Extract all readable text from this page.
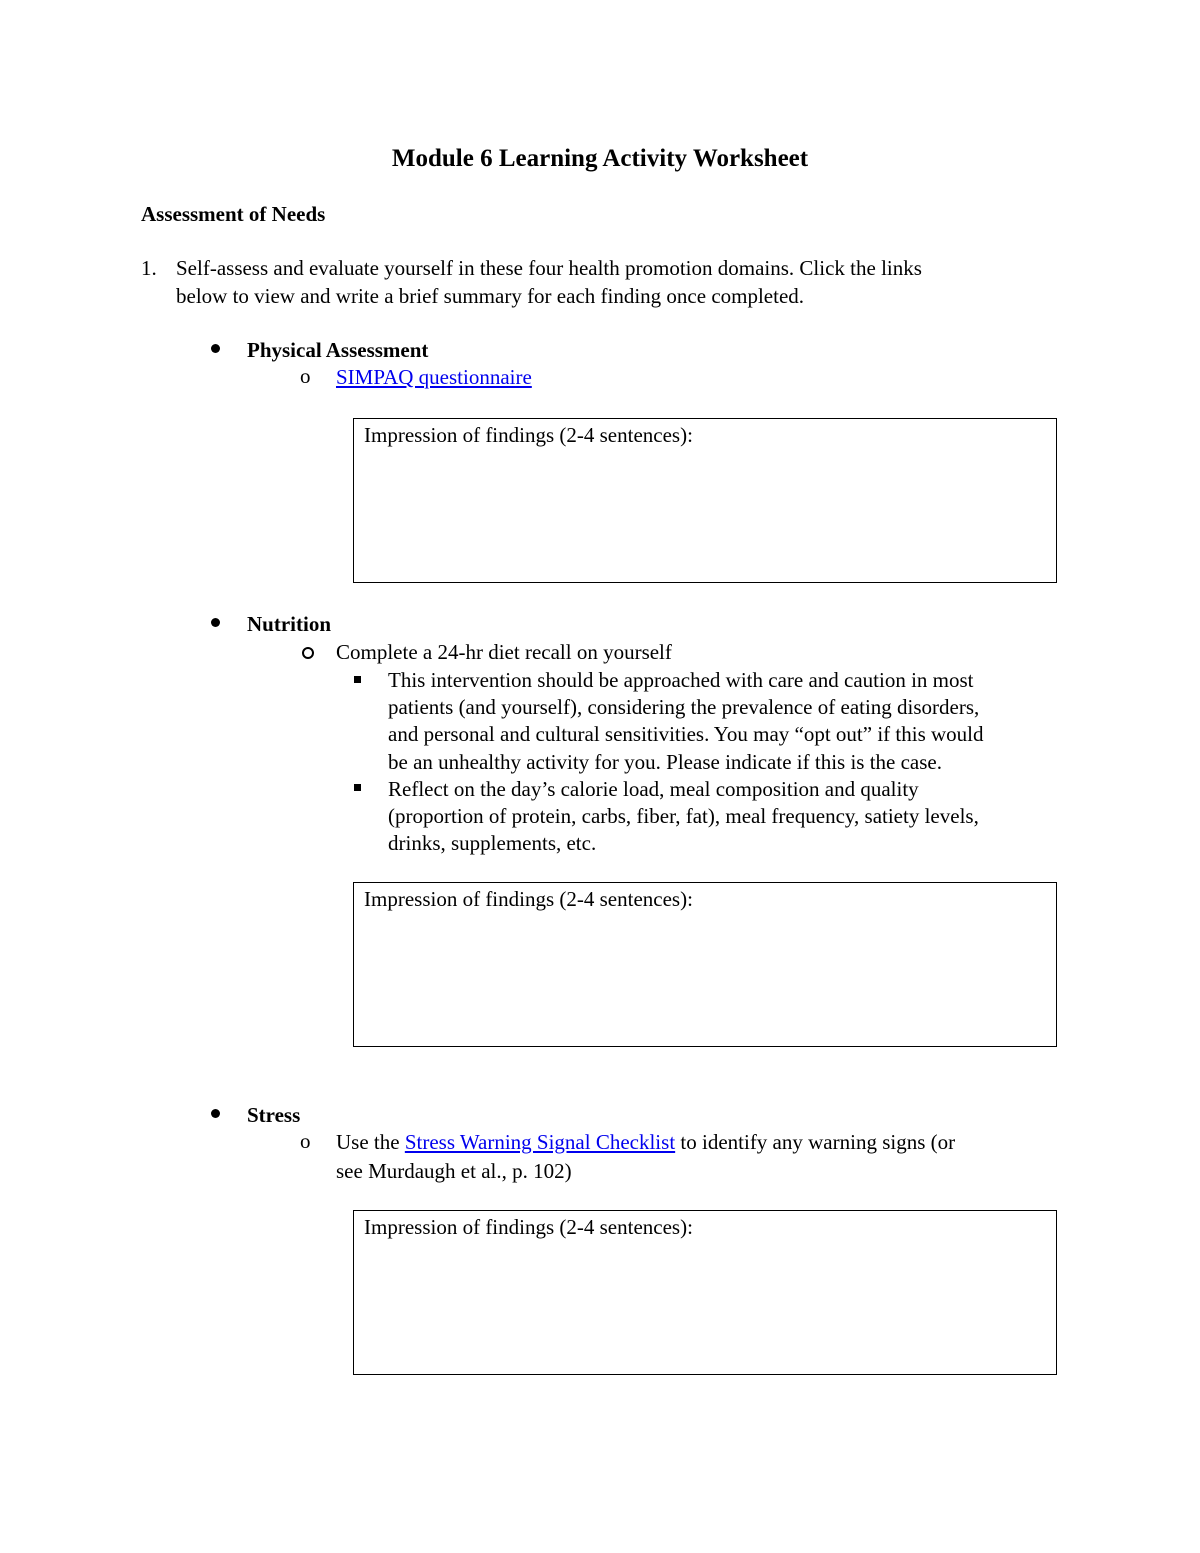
Module 6 Learning Activity Worksheet
Assessment of Needs
1. Self-assess and evaluate yourself in these four health promotion domains. Click the links
below to view and write a brief summary for each finding once completed.
Physical Assessment
o SIMPAQ questionnaire
Impression of findings (2-4 sentences):
Nutrition
Complete a 24-hr diet recall on yourself
This intervention should be approached with care and caution in most
patients (and yourself), considering the prevalence of eating disorders,
and personal and cultural sensitivities. You may “opt out” if this would
be an unhealthy activity for you. Please indicate if this is the case.
Reflect on the day’s calorie load, meal composition and quality
(proportion of protein, carbs, fiber, fat), meal frequency, satiety levels,
drinks, supplements, etc.
Impression of findings (2-4 sentences):
Stress
o Use the Stress Warning Signal Checklist to identify any warning signs (or
see Murdaugh et al., p. 102)
Impression of findings (2-4 sentences):
